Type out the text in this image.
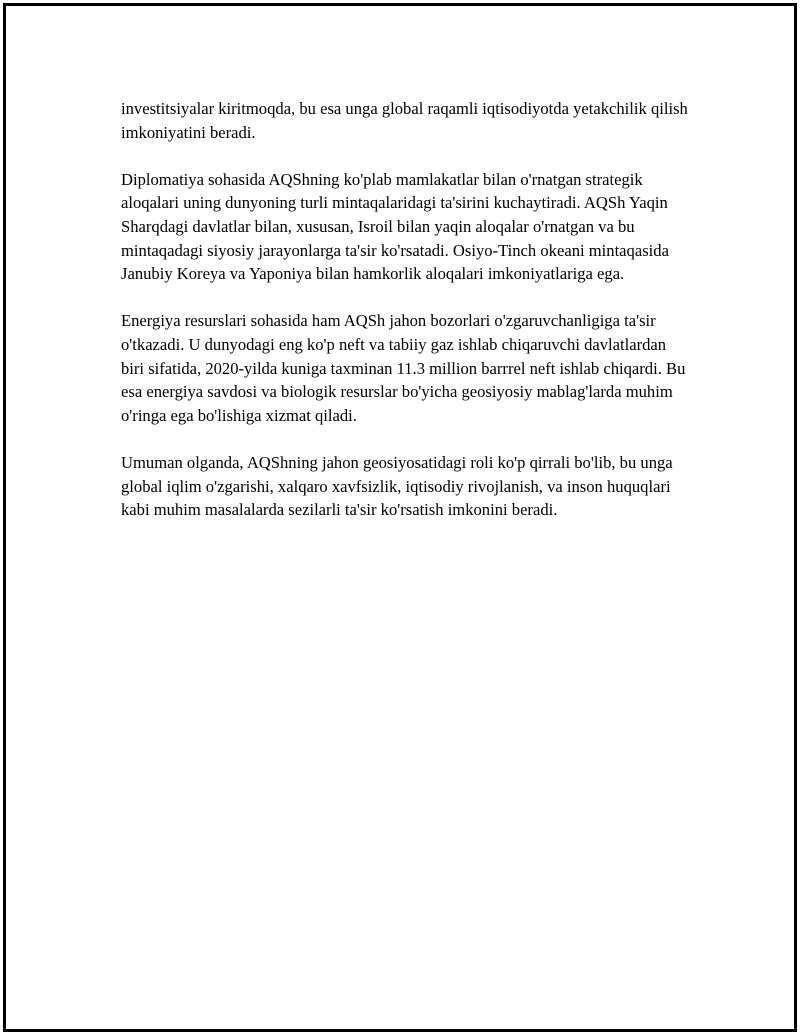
investitsiyalar kiritmoqda, bu esa unga global raqamli iqtisodiyotda yetakchilik qilish imkoniyatini beradi.

Diplomatiya sohasida AQShning ko'plab mamlakatlar bilan o'rnatgan strategik aloqalari uning dunyoning turli mintaqalaridagi ta'sirini kuchaytiradi. AQSh Yaqin Sharqdagi davlatlar bilan, xususan, Isroil bilan yaqin aloqalar o'rnatgan va bu mintaqadagi siyosiy jarayonlarga ta'sir ko'rsatadi. Osiyo-Tinch okeani mintaqasida Janubiy Koreya va Yaponiya bilan hamkorlik aloqalari imkoniyatlariga ega.

Energiya resurslari sohasida ham AQSh jahon bozorlari o'zgaruvchanligiga ta'sir o'tkazadi. U dunyodagi eng ko'p neft va tabiiy gaz ishlab chiqaruvchi davlatlardan biri sifatida, 2020-yilda kuniga taxminan 11.3 million barrrel neft ishlab chiqardi. Bu esa energiya savdosi va biologik resurslar bo'yicha geosiyosiy mablag'larda muhim o'ringa ega bo'lishiga xizmat qiladi.

Umuman olganda, AQShning jahon geosiyosatidagi roli ko'p qirrali bo'lib, bu unga global iqlim o'zgarishi, xalqaro xavfsizlik, iqtisodiy rivojlanish, va inson huquqlari kabi muhim masalalarda sezilarli ta'sir ko'rsatish imkonini beradi.
